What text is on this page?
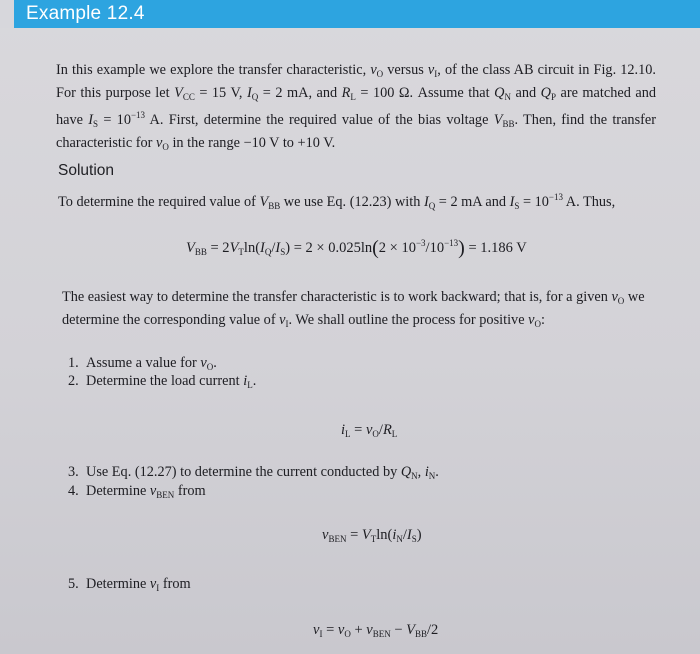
Example 12.4
In this example we explore the transfer characteristic, $v_O$ versus $v_I$, of the class AB circuit in Fig. 12.10. For this purpose let $V_{CC} = 15$ V, $I_Q = 2$ mA, and $R_L = 100$ Ω. Assume that $Q_N$ and $Q_P$ are matched and have $I_S = 10^{-13}$ A. First, determine the required value of the bias voltage $V_{BB}$. Then, find the transfer characteristic for $v_O$ in the range −10 V to +10 V.
Solution
To determine the required value of $V_{BB}$ we use Eq. (12.23) with $I_Q = 2$ mA and $I_S = 10^{-13}$ A. Thus,
$V_{BB} = 2V_T\ln(I_Q/I_S) = 2 \times 0.025\ln(2 \times 10^{-3}/10^{-13}) = 1.186$ V
The easiest way to determine the transfer characteristic is to work backward; that is, for a given $v_O$ we determine the corresponding value of $v_I$. We shall outline the process for positive $v_O$:
1. Assume a value for $v_O$.
2. Determine the load current $i_L$.
$i_L = v_O/R_L$
3. Use Eq. (12.27) to determine the current conducted by $Q_N$, $i_N$.
4. Determine $v_{BEN}$ from
$v_{BEN} = V_T\ln(i_N/I_S)$
5. Determine $v_I$ from
$v_I = v_O + v_{BEN} - V_{BB}/2$
